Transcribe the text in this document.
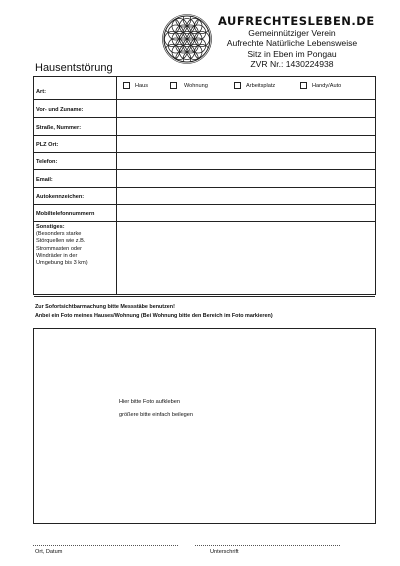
AUFRECHTESLEBEN.DE
Gemeinnütziger Verein
Aufrechte Natürliche Lebensweise
Sitz in Eben im Pongau
ZVR Nr.: 1430224938
Hausentstörung
Art:
Haus	Wohnung	Arbeitsplatz	Handy/Auto
Vor- und Zuname:
Straße, Nummer:
PLZ Ort:
Telefon:
Email:
Autokennzeichen:
Mobiltelefonnummern
Sonstiges:
(Besonders starke Störquellen wie z.B. Strommasten oder Windräder in der Umgebung bis 3 km)
Zur Sofortsichtbarmachung bitte Messstäbe benutzen!
Anbei ein Foto meines Hauses/Wohnung (Bei Wohnung bitte den Bereich im Foto markieren)
Hier bitte Foto aufkleben
größere bitte einfach beilegen
Ort, Datum	Unterschrift
